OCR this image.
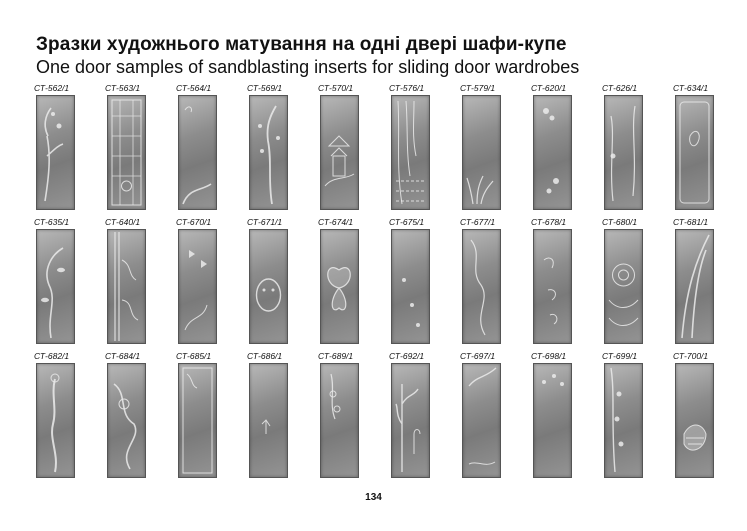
Зразки художнього матування на одні двері шафи-купе
One door samples of sandblasting inserts for sliding door wardrobes
СТ-562/1	СТ-563/1	СТ-564/1	СТ-569/1	СТ-570/1	СТ-576/1	СТ-579/1	СТ-620/1	СТ-626/1	СТ-634/1
СТ-635/1	СТ-640/1	СТ-670/1	СТ-671/1	СТ-674/1	СТ-675/1	СТ-677/1	СТ-678/1	СТ-680/1	СТ-681/1
СТ-682/1	СТ-684/1	СТ-685/1	СТ-686/1	СТ-689/1	СТ-692/1	СТ-697/1	СТ-698/1	СТ-699/1	СТ-700/1
134
